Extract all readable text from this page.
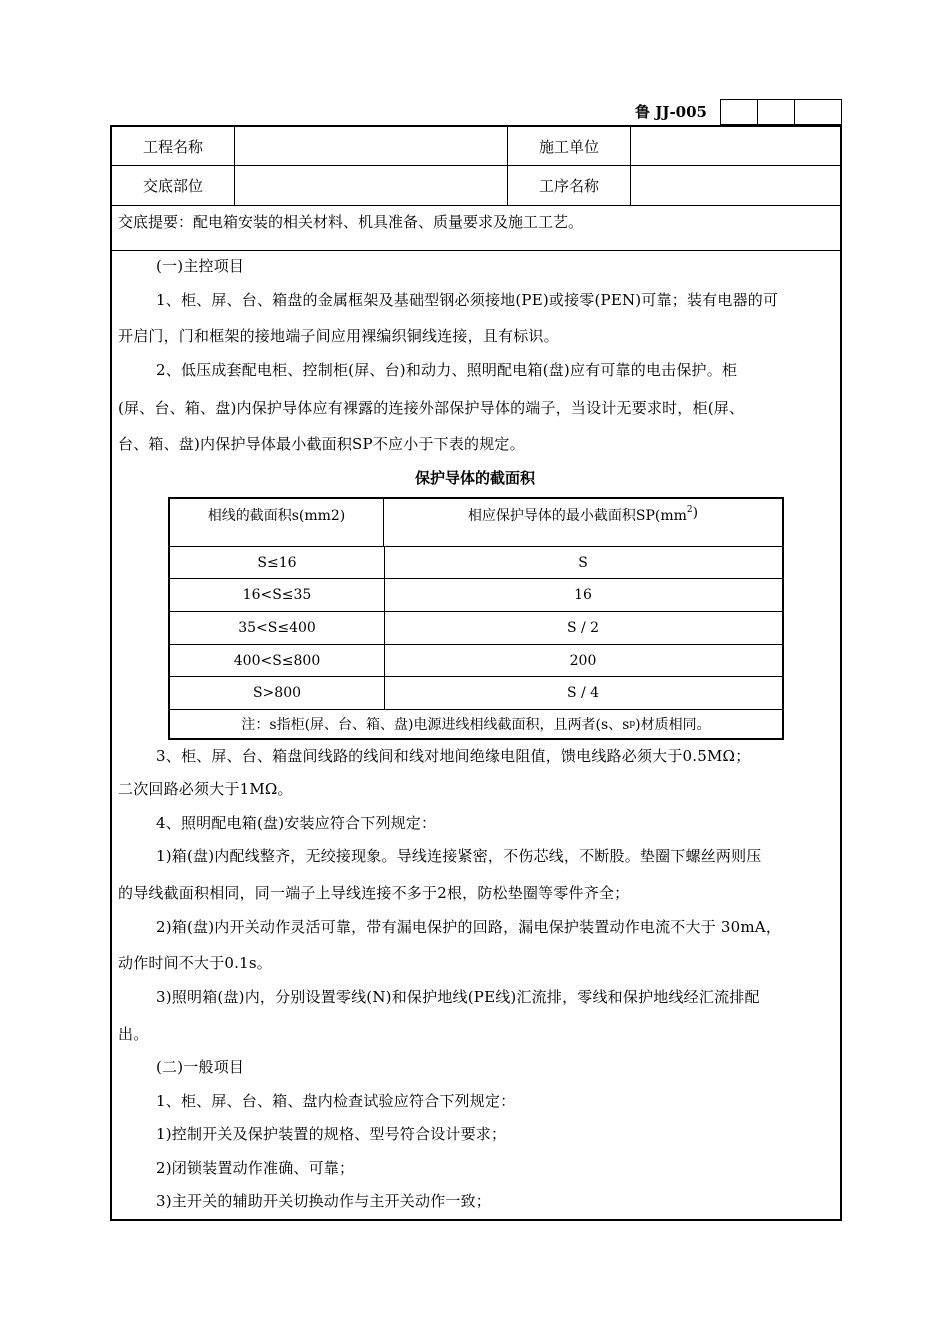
鲁 JJ-005
工程名称	施工单位
交底部位	工序名称
交底提要：配电箱安装的相关材料、机具准备、质量要求及施工工艺。
(一)主控项目
1、柜、屏、台、箱盘的金属框架及基础型钢必须接地(PE)或接零(PEN)可靠；装有电器的可
开启门，门和框架的接地端子间应用裸编织铜线连接，且有标识。
2、低压成套配电柜、控制柜(屏、台)和动力、照明配电箱(盘)应有可靠的电击保护。柜
(屏、台、箱、盘)内保护导体应有裸露的连接外部保护导体的端子，当设计无要求时，柜(屏、
台、箱、盘)内保护导体最小截面积SP不应小于下表的规定。
保护导体的截面积
相线的截面积s(mm2)	相应保护导体的最小截面积$SP(mm^2$ )
S≤16	S
16<S≤35	16
35<S≤400	S / 2
400<S≤800	200
S>800	S / 4
注：s指柜(屏、台、箱、盘)电源进线相线截面积，且两者(s、s p )材质相同。
3、柜、屏、台、箱盘间线路的线间和线对地间绝缘电阻值，馈电线路必须大于0.5MΩ；
二次回路必须大于1MΩ。
4、照明配电箱(盘)安装应符合下列规定：
1)箱(盘)内配线整齐，无绞接现象。导线连接紧密，不伤芯线，不断股。垫圈下螺丝两则压
的导线截面积相同，同一端子上导线连接不多于2根，防松垫圈等零件齐全；
2)箱(盘)内开关动作灵活可靠，带有漏电保护的回路，漏电保护装置动作电流不大于 30mA，
动作时间不大于0.1s。
3)照明箱(盘)内，分别设置零线(N)和保护地线(PE线)汇流排，零线和保护地线经汇流排配
出。
(二)一般项目
1、柜、屏、台、箱、盘内检查试验应符合下列规定：
1)控制开关及保护装置的规格、型号符合设计要求；
2)闭锁装置动作准确、可靠；
3)主开关的辅助开关切换动作与主开关动作一致；
